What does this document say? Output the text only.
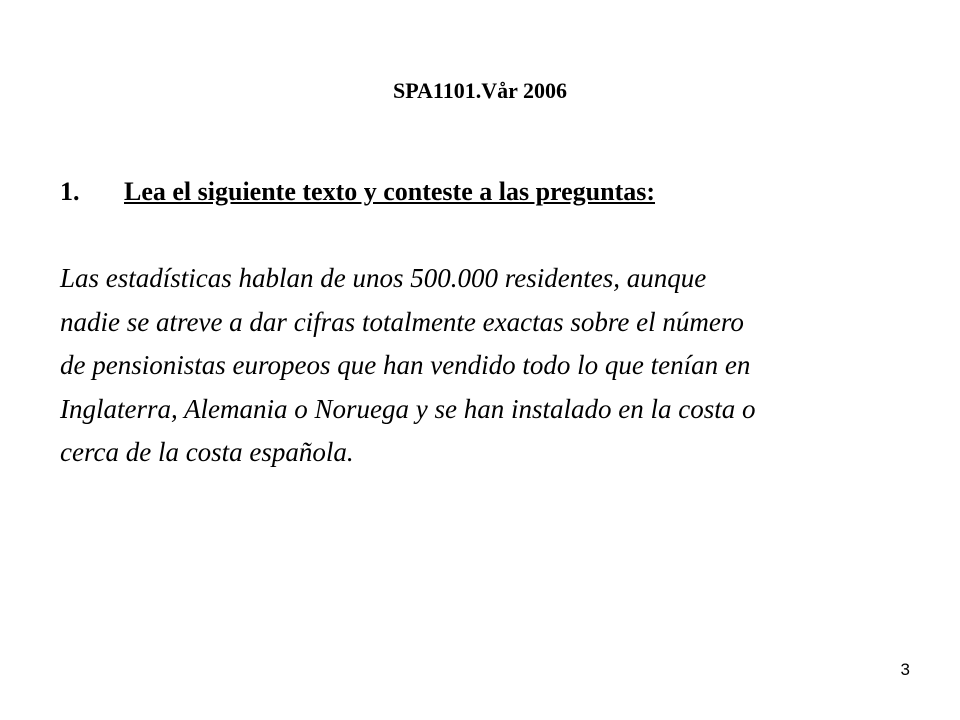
SPA1101.Vår 2006
1. Lea el siguiente texto y conteste a las preguntas:
Las estadísticas hablan de unos 500.000 residentes, aunque
nadie se atreve a dar cifras totalmente exactas sobre el número
de pensionistas europeos que han vendido todo lo que tenían en
Inglaterra, Alemania o Noruega y se han instalado en la costa o
cerca de la costa española.
3
